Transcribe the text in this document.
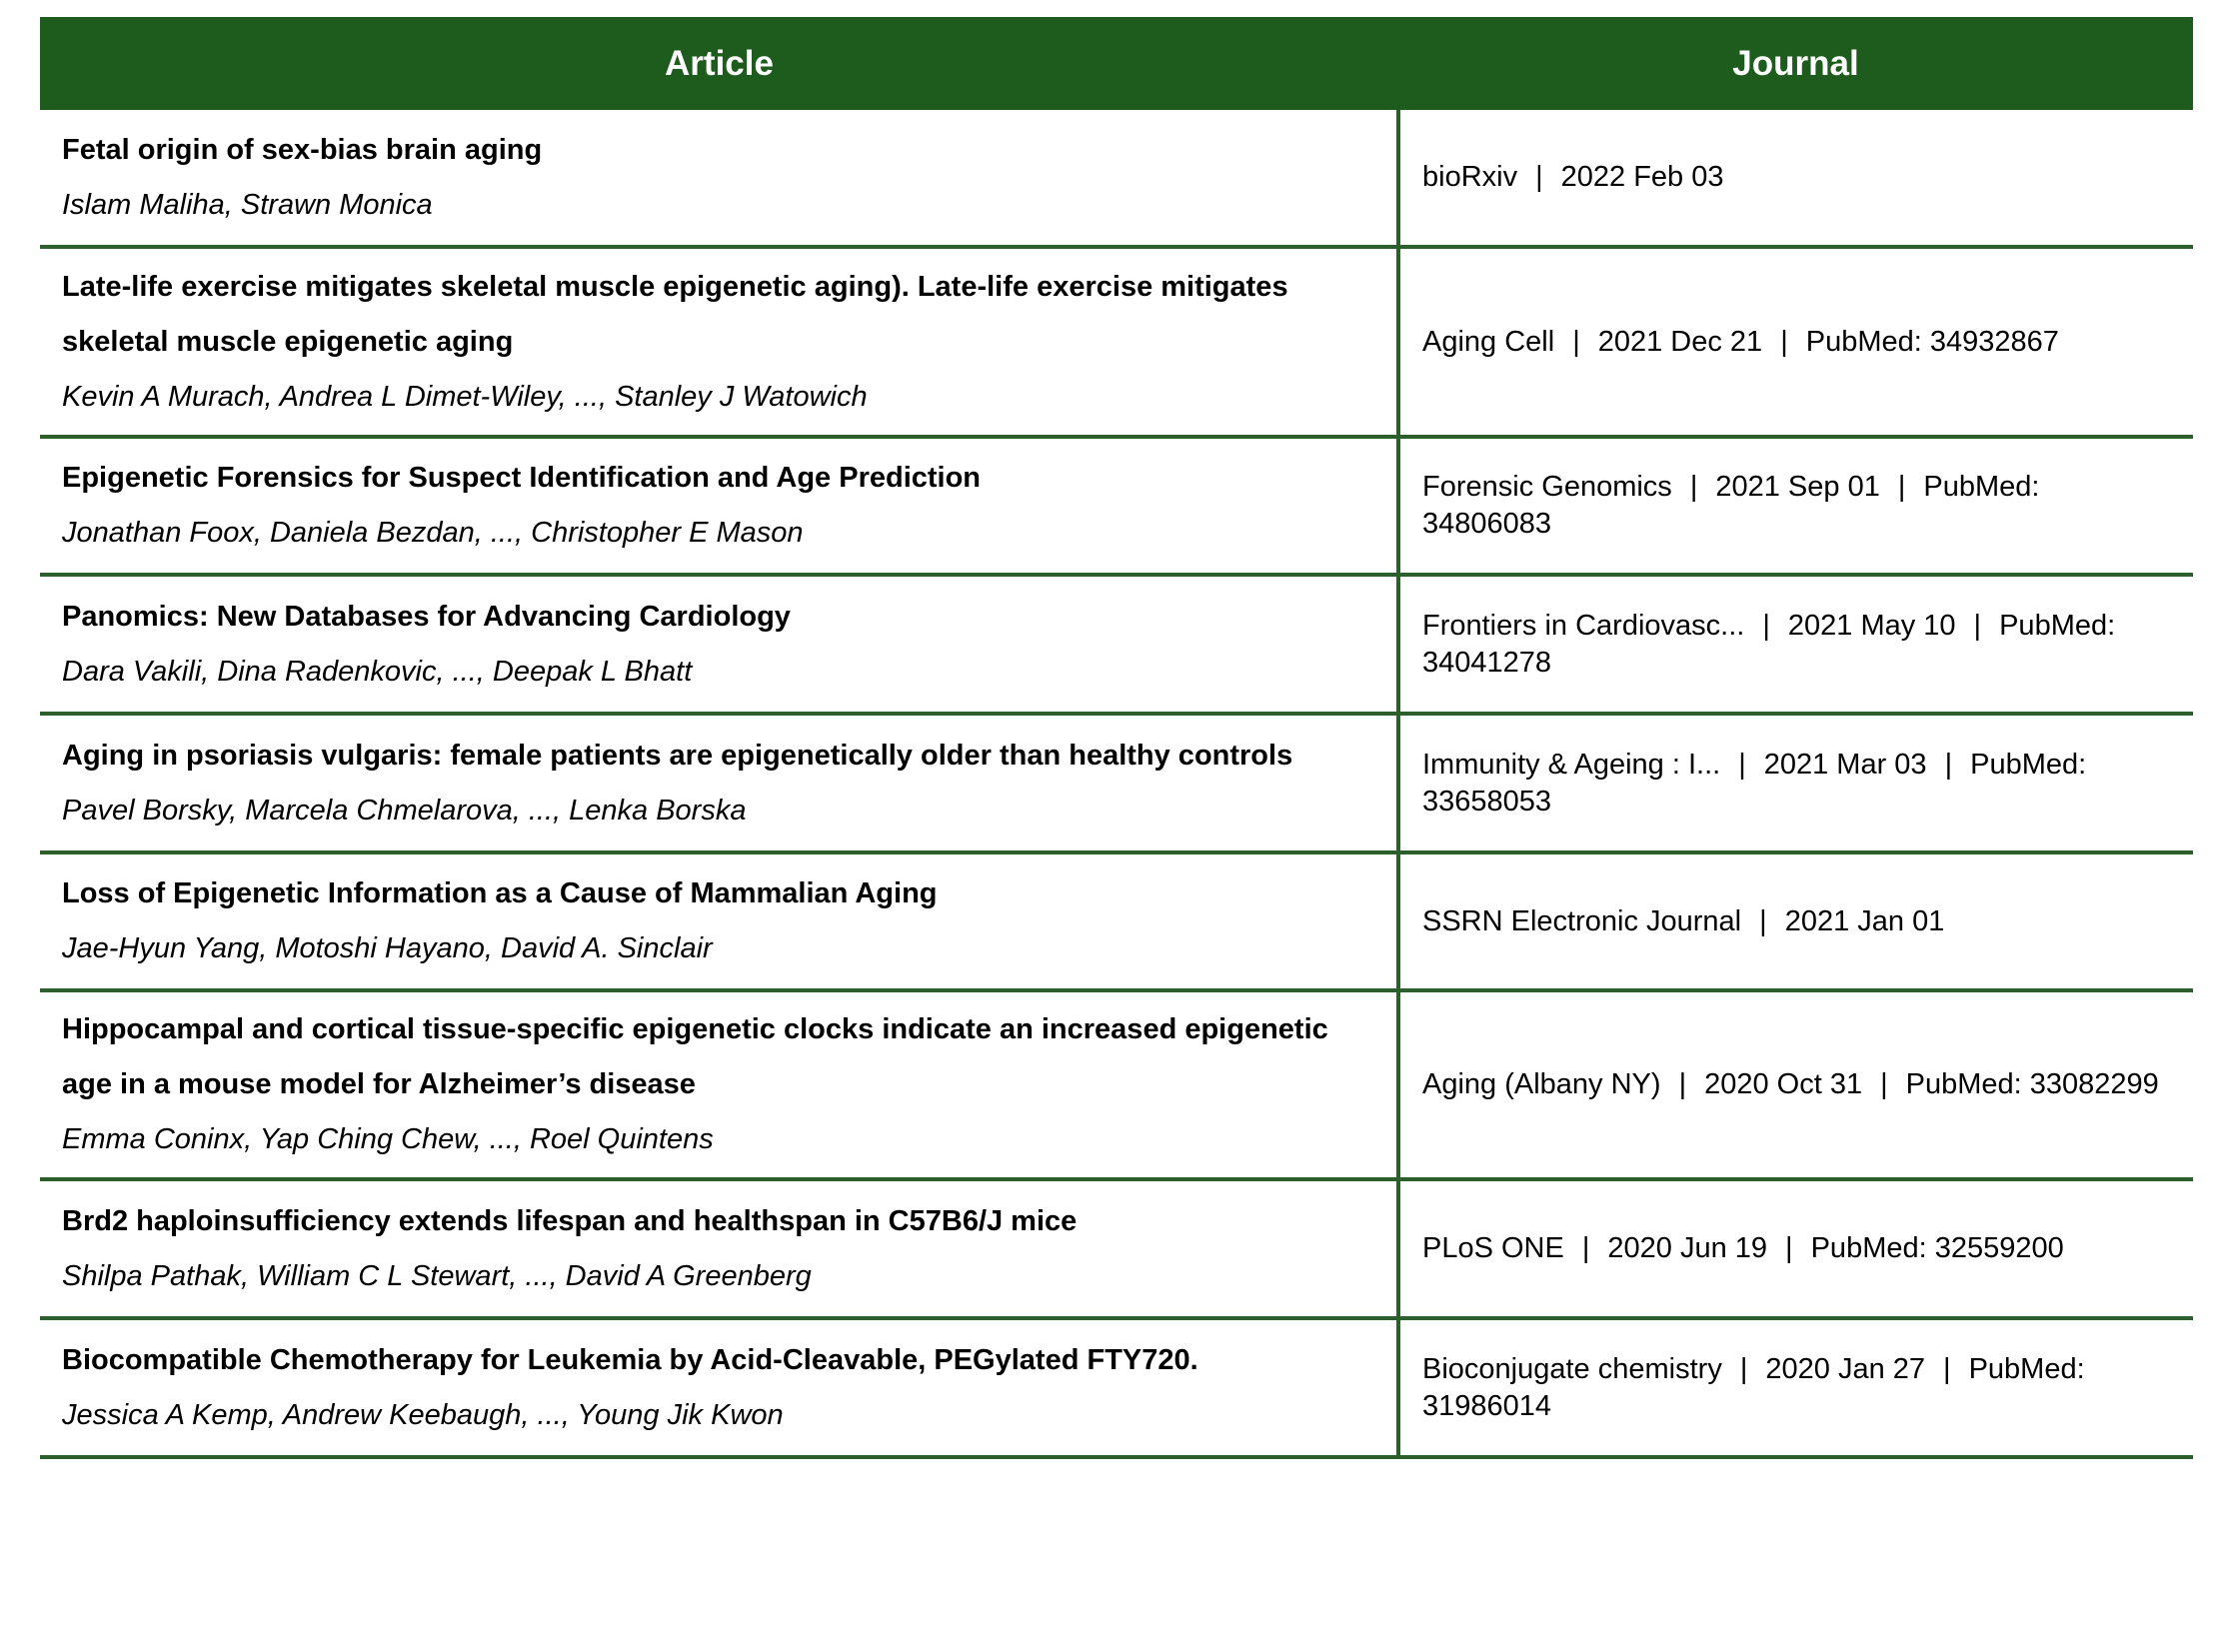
Article	Journal

Fetal origin of sex-bias brain aging
Islam Maliha, Strawn Monica	bioRxiv | 2022 Feb 03

Late-life exercise mitigates skeletal muscle epigenetic aging). Late-life exercise mitigates skeletal muscle epigenetic aging
Kevin A Murach, Andrea L Dimet-Wiley, ..., Stanley J Watowich	Aging Cell | 2021 Dec 21 | PubMed: 34932867

Epigenetic Forensics for Suspect Identification and Age Prediction
Jonathan Foox, Daniela Bezdan, ..., Christopher E Mason	Forensic Genomics | 2021 Sep 01 | PubMed: 34806083

Panomics: New Databases for Advancing Cardiology
Dara Vakili, Dina Radenkovic, ..., Deepak L Bhatt	Frontiers in Cardiovasc... | 2021 May 10 | PubMed: 34041278

Aging in psoriasis vulgaris: female patients are epigenetically older than healthy controls
Pavel Borsky, Marcela Chmelarova, ..., Lenka Borska	Immunity & Ageing : I... | 2021 Mar 03 | PubMed: 33658053

Loss of Epigenetic Information as a Cause of Mammalian Aging
Jae-Hyun Yang, Motoshi Hayano, David A. Sinclair	SSRN Electronic Journal | 2021 Jan 01

Hippocampal and cortical tissue-specific epigenetic clocks indicate an increased epigenetic age in a mouse model for Alzheimer’s disease
Emma Coninx, Yap Ching Chew, ..., Roel Quintens	Aging (Albany NY) | 2020 Oct 31 | PubMed: 33082299

Brd2 haploinsufficiency extends lifespan and healthspan in C57B6/J mice
Shilpa Pathak, William C L Stewart, ..., David A Greenberg	PLoS ONE | 2020 Jun 19 | PubMed: 32559200

Biocompatible Chemotherapy for Leukemia by Acid-Cleavable, PEGylated FTY720.
Jessica A Kemp, Andrew Keebaugh, ..., Young Jik Kwon	Bioconjugate chemistry | 2020 Jan 27 | PubMed: 31986014
